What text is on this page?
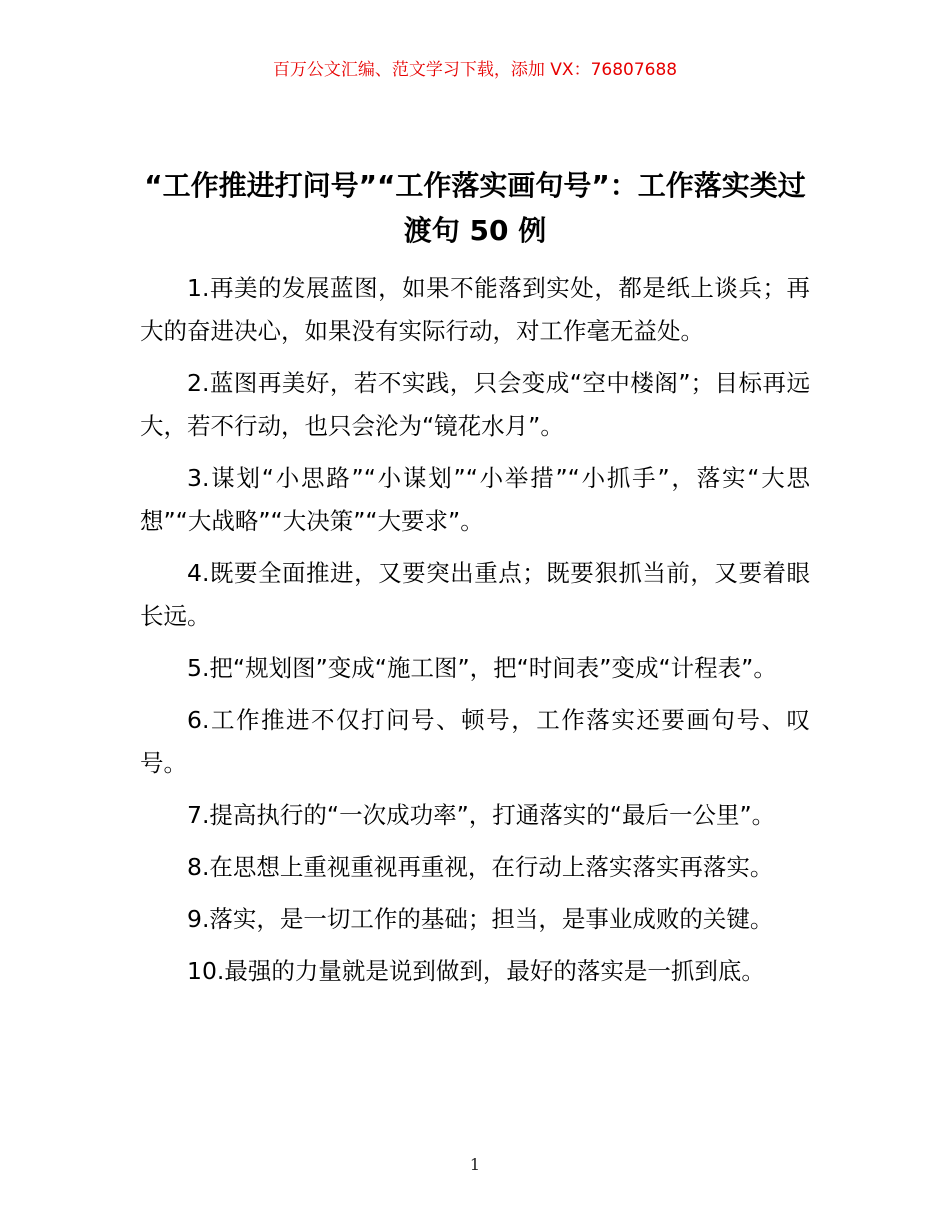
百万公文汇编、范文学习下载，添加 VX：76807688
“工作推进打问号”“工作落实画句号”：工作落实类过渡句 50 例

1.再美的发展蓝图，如果不能落到实处，都是纸上谈兵；再大的奋进决心，如果没有实际行动，对工作毫无益处。

2.蓝图再美好，若不实践，只会变成“空中楼阁”；目标再远大，若不行动，也只会沦为“镜花水月”。

3.谋划“小思路”“小谋划”“小举措”“小抓手”，落实“大思想”“大战略”“大决策”“大要求”。

4.既要全面推进，又要突出重点；既要狠抓当前，又要着眼长远。

5.把“规划图”变成“施工图”，把“时间表”变成“计程表”。

6.工作推进不仅打问号、顿号，工作落实还要画句号、叹号。

7.提高执行的“一次成功率”，打通落实的“最后一公里”。

8.在思想上重视重视再重视，在行动上落实落实再落实。

9.落实，是一切工作的基础；担当，是事业成败的关键。

10.最强的力量就是说到做到，最好的落实是一抓到底。

1
